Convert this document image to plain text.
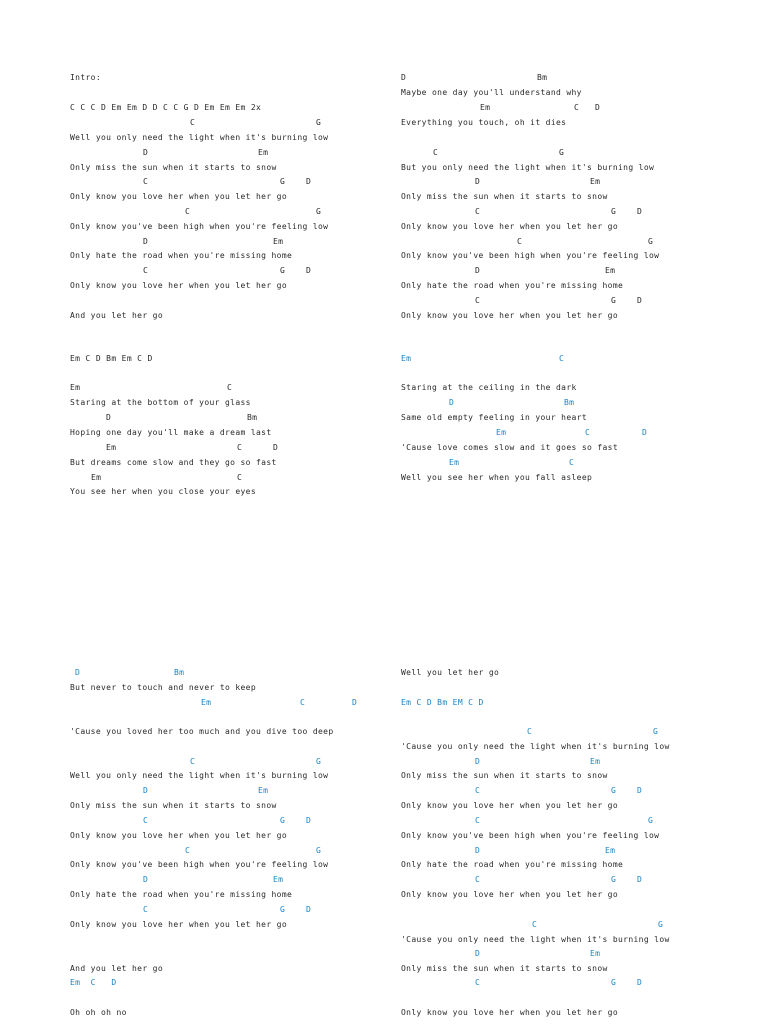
Intro:
C C C D Em Em D D C C G D Em Em Em 2x
C	G
Well you only need the light when it's burning low
D	Em
Only miss the sun when it starts to snow
C	G	D
Only know you love her when you let her go
C	G
Only know you've been high when you're feeling low
D	Em
Only hate the road when you're missing home
C	G	D
Only know you love her when you let her go
And you let her go
Em C D Bm Em C D
Em	C
Staring at the bottom of your glass
D	Bm
Hoping one day you'll make a dream last
Em	C	D
But dreams come slow and they go so fast
Em	C
You see her when you close your eyes
D	Bm
Maybe one day you'll understand why
Em	C D
Everything you touch, oh it dies
C	G
But you only need the light when it's burning low
D	Em
Only miss the sun when it starts to snow
C	G	D
Only know you love her when you let her go
C	G
Only know you've been high when you're feeling low
D	Em
Only hate the road when you're missing home
C	G	D
Only know you love her when you let her go
Em	C
Staring at the ceiling in the dark
D	Bm
Same old empty feeling in your heart
Em	C	D
'Cause love comes slow and it goes so fast
Em	C
Well you see her when you fall asleep
D	Bm
But never to touch and never to keep
Em	C	D
'Cause you loved her too much and you dive too deep
C	G
Well you only need the light when it's burning low
D	Em
Only miss the sun when it starts to snow
C	G	D
Only know you love her when you let her go
C	G
Only know you've been high when you're feeling low
D	Em
Only hate the road when you're missing home
C	G	D
Only know you love her when you let her go
And you let her go
Em  C   D
Oh oh oh no
Well you let her go
Em C D Bm EM C D
C	G
'Cause you only need the light when it's burning low
D	Em
Only miss the sun when it starts to snow
C	G	D
Only know you love her when you let her go
C	G
Only know you've been high when you're feeling low
D	Em
Only hate the road when you're missing home
C	G	D
Only know you love her when you let her go
C	G
'Cause you only need the light when it's burning low
D	Em
Only miss the sun when it starts to snow
C	G	D
Only know you love her when you let her go
